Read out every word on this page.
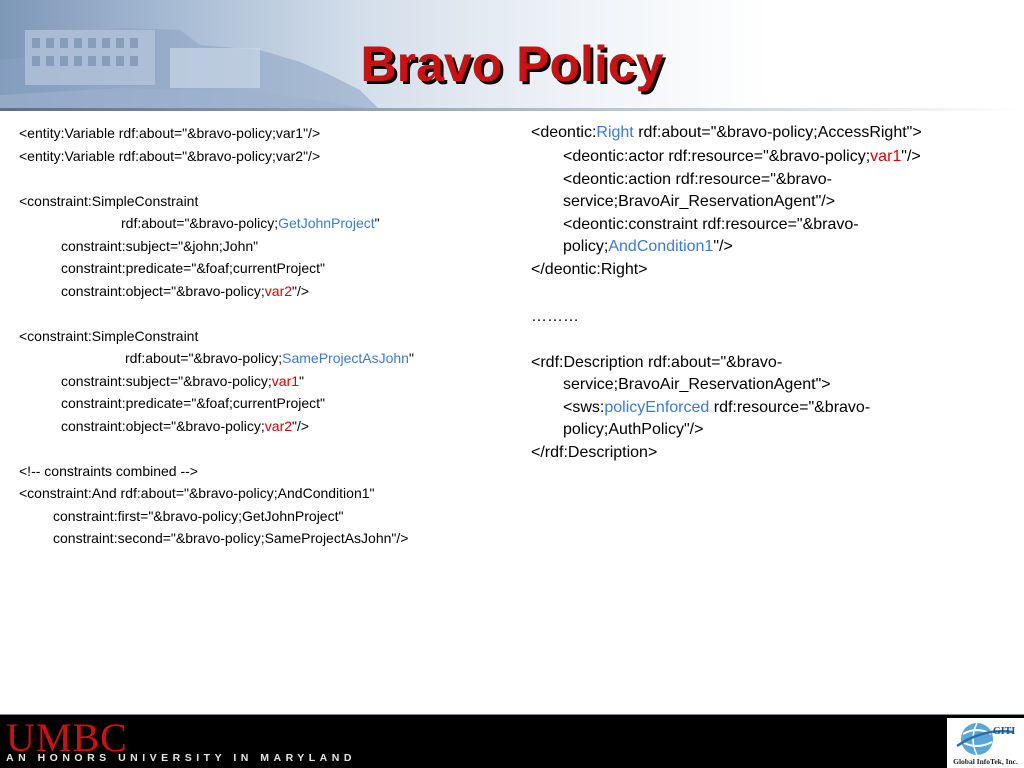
Bravo Policy
<entity:Variable rdf:about="&bravo-policy;var1"/>
<entity:Variable rdf:about="&bravo-policy;var2"/>
<constraint:SimpleConstraint
rdf:about="&bravo-policy;GetJohnProject"
constraint:subject="&john;John"
constraint:predicate="&foaf;currentProject"
constraint:object="&bravo-policy;var2"/>
<constraint:SimpleConstraint
rdf:about="&bravo-policy;SameProjectAsJohn"
constraint:subject="&bravo-policy;var1"
constraint:predicate="&foaf;currentProject"
constraint:object="&bravo-policy;var2"/>
<!-- constraints combined -->
<constraint:And rdf:about="&bravo-policy;AndCondition1"
constraint:first="&bravo-policy;GetJohnProject"
constraint:second="&bravo-policy;SameProjectAsJohn"/>
<deontic:Right rdf:about="&bravo-policy;AccessRight">
<deontic:actor rdf:resource="&bravo-policy;var1"/>
<deontic:action rdf:resource="&bravo-
service;BravoAir_ReservationAgent"/>
<deontic:constraint rdf:resource="&bravo-
policy;AndCondition1"/>
</deontic:Right>
………
<rdf:Description rdf:about="&bravo-
service;BravoAir_ReservationAgent">
<sws:policyEnforced rdf:resource="&bravo-
policy;AuthPolicy"/>
</rdf:Description>
UMBC
AN HONORS UNIVERSITY IN MARYLAND
GITI
Global InfoTek, Inc.
